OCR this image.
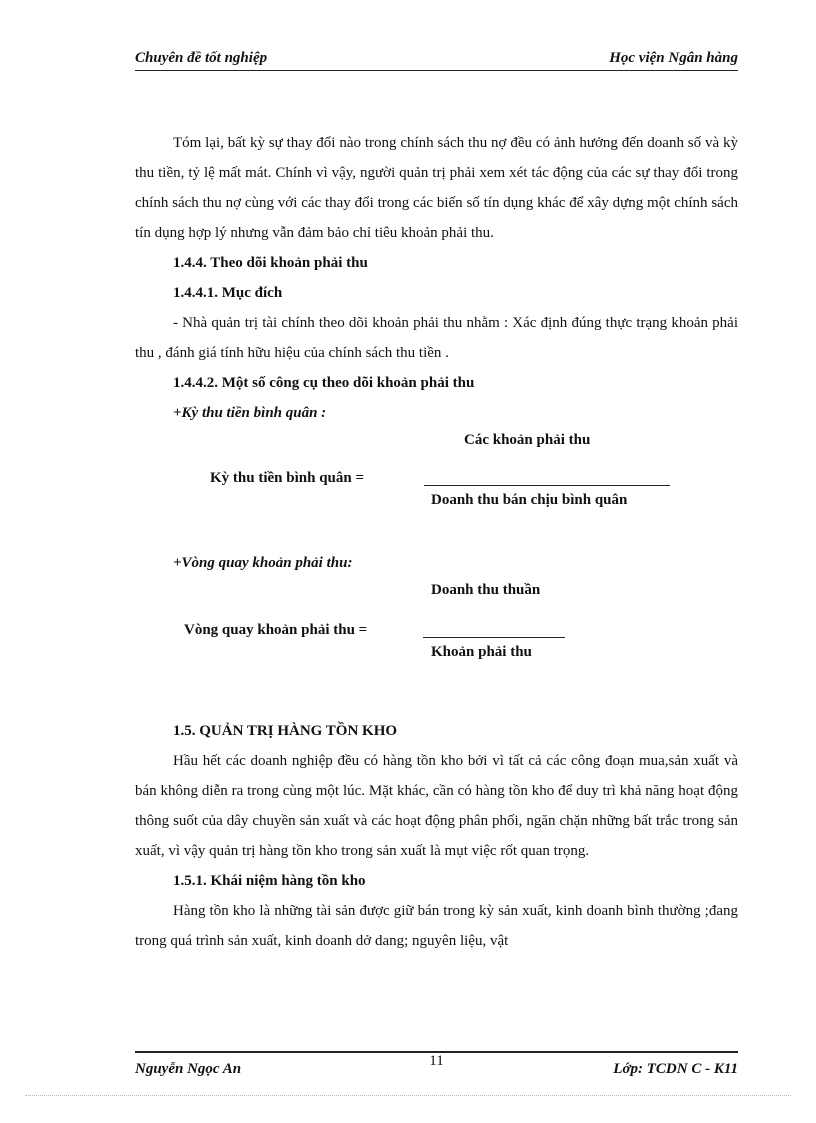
Chuyên đề tốt nghiệp	Học viện Ngân hàng

Tóm lại, bất kỳ sự thay đổi nào trong chính sách thu nợ đều có ảnh hưởng đến doanh số và kỳ thu tiền, tỷ lệ mất mát. Chính vì vậy, người quản trị phải xem xét tác động của các sự thay đổi trong chính sách thu nợ cùng với các thay đổi trong các biến số tín dụng khác để xây dựng một chính sách tín dụng hợp lý nhưng vẫn đảm bảo chỉ tiêu khoản phải thu.

1.4.4. Theo dõi khoản phải thu

1.4.4.1. Mục đích

- Nhà quản trị tài chính theo dõi khoản phải thu nhằm : Xác định đúng thực trạng khoản phải thu , đánh giá tính hữu hiệu của chính sách thu tiền .

1.4.4.2. Một số công cụ theo dõi khoản phải thu

+Kỳ thu tiền bình quân :

Các khoản phải thu
Kỳ thu tiền bình quân =
Doanh thu bán chịu bình quân

+Vòng quay khoản phải thu:

Doanh thu thuần
Vòng quay khoản phải thu =
Khoản phải thu

1.5. QUẢN TRỊ HÀNG TỒN KHO

Hầu hết các doanh nghiệp đều có hàng tồn kho bởi vì tất cả các công đoạn mua,sản xuất và bán không diễn ra trong cùng một lúc. Mặt khác, cần có hàng tồn kho để duy trì khả năng hoạt động thông suốt của dây chuyền sản xuất và các hoạt động phân phối, ngăn chặn những bất trắc trong sản xuất, vì vậy quản trị hàng tồn kho trong sản xuất là mụt việc rốt quan trọng.

1.5.1. Khái niệm hàng tồn kho

Hàng tồn kho là những tài sản được giữ bán trong kỳ sản xuất, kinh doanh bình thường ;đang trong quá trình sản xuất, kinh doanh dở dang; nguyên liệu, vật

Nguyễn Ngọc An	11	Lớp: TCDN C - K11
